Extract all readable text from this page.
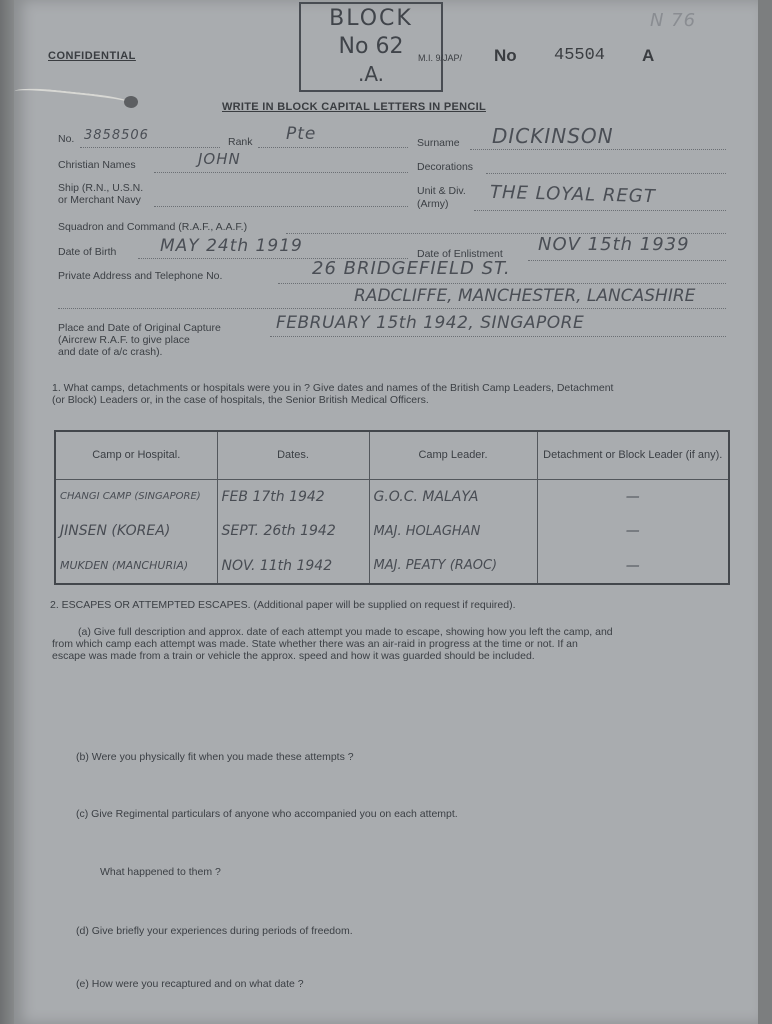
CONFIDENTIAL
BLOCK
No 62
.A.
M.I. 9/JAP/ No 45504 A
N 76
WRITE IN BLOCK CAPITAL LETTERS IN PENCIL
No. 3858506	Rank Pte	Surname DICKINSON
Christian Names	JOHN	Decorations
Ship (R.N., U.S.N.
or Merchant Navy
Unit & Div.
(Army) THE LOYAL REGT
Squadron and Command (R.A.F., A.A.F.)
Date of Birth	MAY 24th 1919	Date of Enlistment NOV 15th 1939
Private Address and Telephone No.	26 BRIDGEFIELD ST.
RADCLIFFE, MANCHESTER, LANCASHIRE
Place and Date of Original Capture
(Aircrew R.A.F. to give place
and date of a/c crash).
FEBRUARY 15th 1942, SINGAPORE
1. What camps, detachments or hospitals were you in ? Give dates and names of the British Camp Leaders, Detachment
(or Block) Leaders or, in the case of hospitals, the Senior British Medical Officers.
Camp or Hospital.	Dates.	Camp Leader.	Detachment or Block Leader (if any).
CHANGI CAMP (SINGAPORE)	FEB 17th 1942	G.O.C. MALAYA	—
JINSEN (KOREA)	SEPT. 26th 1942	MAJ. HOLAGHAN	—
MUKDEN (MANCHURIA)	NOV. 11th 1942	MAJ. PEATY (RAOC)	—
2. ESCAPES OR ATTEMPTED ESCAPES. (Additional paper will be supplied on request if required).
(a) Give full description and approx. date of each attempt you made to escape, showing how you left the camp, and
from which camp each attempt was made. State whether there was an air-raid in progress at the time or not. If an
escape was made from a train or vehicle the approx. speed and how it was guarded should be included.
(b) Were you physically fit when you made these attempts ?
(c) Give Regimental particulars of anyone who accompanied you on each attempt.
What happened to them ?
(d) Give briefly your experiences during periods of freedom.
(e) How were you recaptured and on what date ?
